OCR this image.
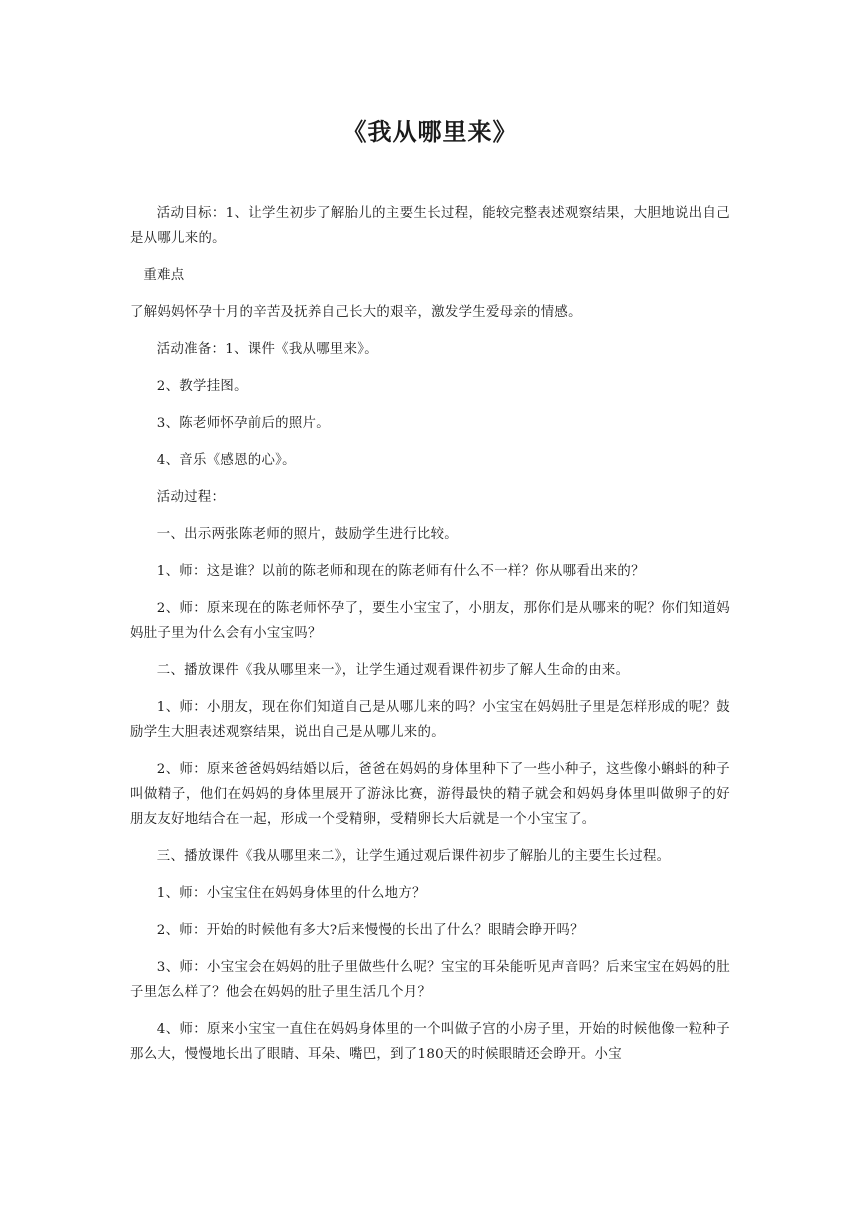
《我从哪里来》

活动目标：1、让学生初步了解胎儿的主要生长过程，能较完整表述观察结果，大胆地说出自己是从哪儿来的。

重难点

了解妈妈怀孕十月的辛苦及抚养自己长大的艰辛，激发学生爱母亲的情感。

活动准备：1、课件《我从哪里来》。

2、教学挂图。

3、陈老师怀孕前后的照片。

4、音乐《感恩的心》。

活动过程：

一、出示两张陈老师的照片，鼓励学生进行比较。

1、师：这是谁？以前的陈老师和现在的陈老师有什么不一样？你从哪看出来的？

2、师：原来现在的陈老师怀孕了，要生小宝宝了，小朋友，那你们是从哪来的呢？你们知道妈妈肚子里为什么会有小宝宝吗？

二、播放课件《我从哪里来一》，让学生通过观看课件初步了解人生命的由来。

1、师：小朋友，现在你们知道自己是从哪儿来的吗？小宝宝在妈妈肚子里是怎样形成的呢？鼓励学生大胆表述观察结果，说出自己是从哪儿来的。

2、师：原来爸爸妈妈结婚以后，爸爸在妈妈的身体里种下了一些小种子，这些像小蝌蚪的种子叫做精子，他们在妈妈的身体里展开了游泳比赛，游得最快的精子就会和妈妈身体里叫做卵子的好朋友友好地结合在一起，形成一个受精卵，受精卵长大后就是一个小宝宝了。

三、播放课件《我从哪里来二》，让学生通过观后课件初步了解胎儿的主要生长过程。

1、师：小宝宝住在妈妈身体里的什么地方？

2、师：开始的时候他有多大?后来慢慢的长出了什么？眼睛会睁开吗？

3、师：小宝宝会在妈妈的肚子里做些什么呢？宝宝的耳朵能听见声音吗？后来宝宝在妈妈的肚子里怎么样了？他会在妈妈的肚子里生活几个月？

4、师：原来小宝宝一直住在妈妈身体里的一个叫做子宫的小房子里，开始的时候他像一粒种子那么大，慢慢地长出了眼睛、耳朵、嘴巴，到了180天的时候眼睛还会睁开。小宝
